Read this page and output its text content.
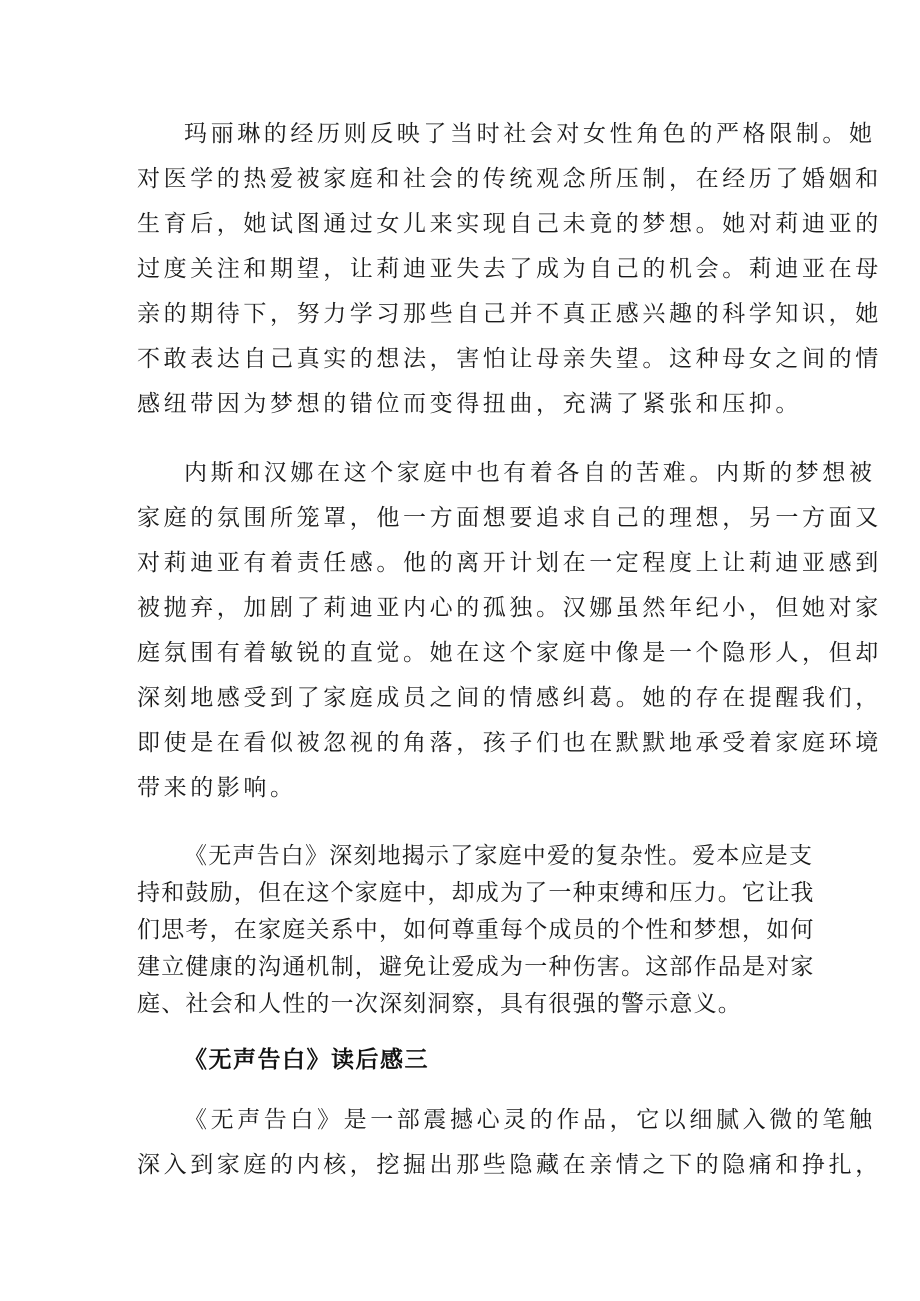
玛丽琳的经历则反映了当时社会对女性角色的严格限制。她
对医学的热爱被家庭和社会的传统观念所压制，在经历了婚姻和
生育后，她试图通过女儿来实现自己未竟的梦想。她对莉迪亚的
过度关注和期望，让莉迪亚失去了成为自己的机会。莉迪亚在母
亲的期待下，努力学习那些自己并不真正感兴趣的科学知识，她
不敢表达自己真实的想法，害怕让母亲失望。这种母女之间的情
感纽带因为梦想的错位而变得扭曲，充满了紧张和压抑。
内斯和汉娜在这个家庭中也有着各自的苦难。内斯的梦想被
家庭的氛围所笼罩，他一方面想要追求自己的理想，另一方面又
对莉迪亚有着责任感。他的离开计划在一定程度上让莉迪亚感到
被抛弃，加剧了莉迪亚内心的孤独。汉娜虽然年纪小，但她对家
庭氛围有着敏锐的直觉。她在这个家庭中像是一个隐形人，但却
深刻地感受到了家庭成员之间的情感纠葛。她的存在提醒我们，
即使是在看似被忽视的角落，孩子们也在默默地承受着家庭环境
带来的影响。
《无声告白》深刻地揭示了家庭中爱的复杂性。爱本应是支
持和鼓励，但在这个家庭中，却成为了一种束缚和压力。它让我
们思考，在家庭关系中，如何尊重每个成员的个性和梦想，如何
建立健康的沟通机制，避免让爱成为一种伤害。这部作品是对家
庭、社会和人性的一次深刻洞察，具有很强的警示意义。
《无声告白》读后感三
《无声告白》是一部震撼心灵的作品，它以细腻入微的笔触
深入到家庭的内核，挖掘出那些隐藏在亲情之下的隐痛和挣扎，
